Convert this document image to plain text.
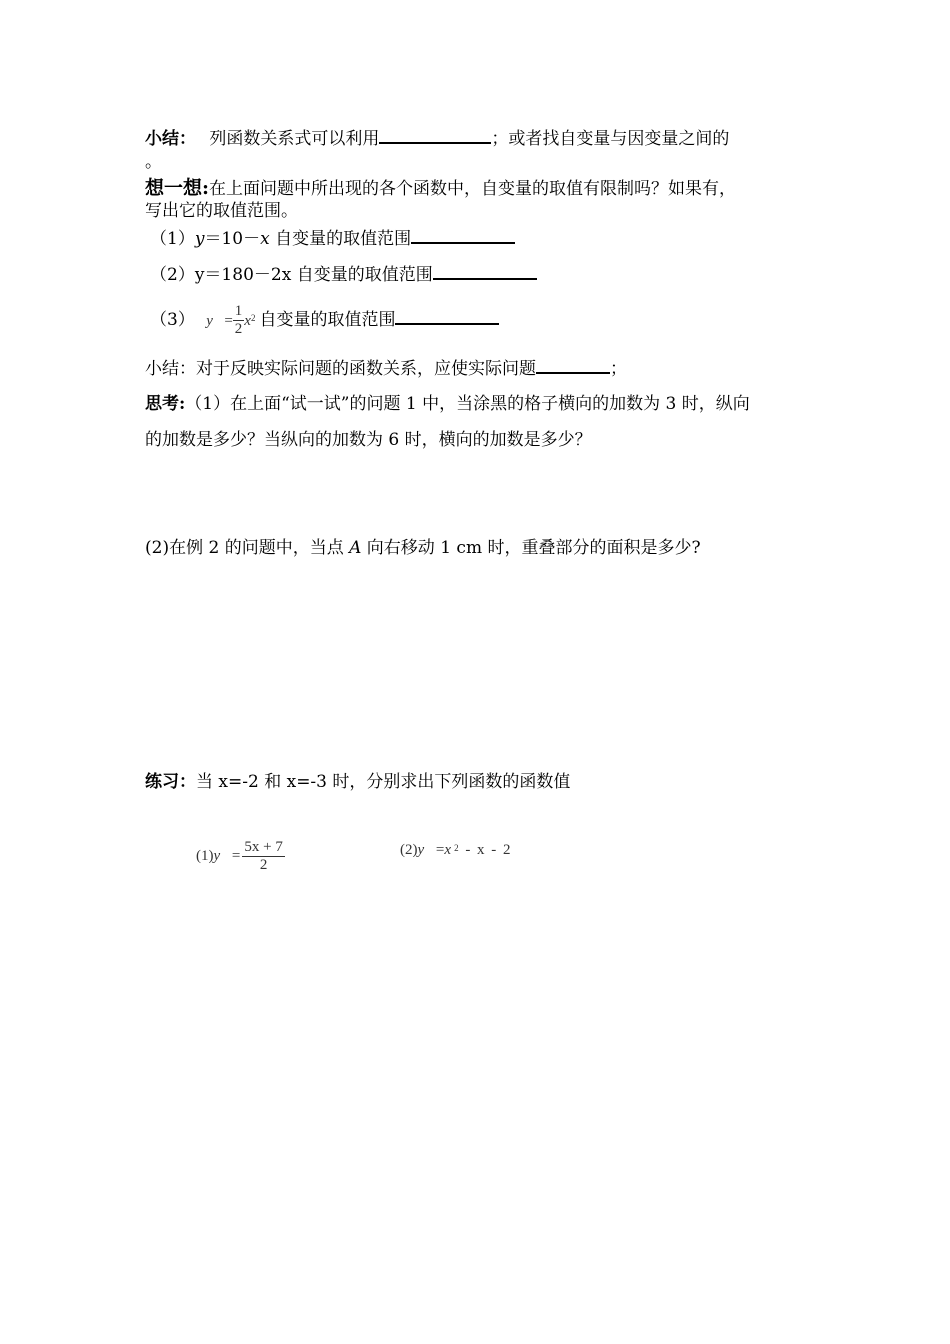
小结： 列函数关系式可以利用	；或者找自变量与因变量之间的
。
想一想:在上面问题中所出现的各个函数中，自变量的取值有限制吗？如果有，
写出它的取值范围。
（1）y＝10－x 自变量的取值范围
（2）y＝180－2x 自变量的取值范围
（3） $y = \frac{1}{2} x^2$ 自变量的取值范围
小结：对于反映实际问题的函数关系，应使实际问题	；
思考:（1）在上面“试一试”的问题 1 中，当涂黑的格子横向的加数为 3 时，纵向
的加数是多少？当纵向的加数为 6 时，横向的加数是多少？
(2)在例 2 的问题中，当点 A 向右移动 1 cm 时，重叠部分的面积是多少?
练习：当 x=-2 和 x=-3 时，分别求出下列函数的函数值
$(1)y = \frac{5x + 7}{2}$	(2)y =x $^2$ - x - 2
